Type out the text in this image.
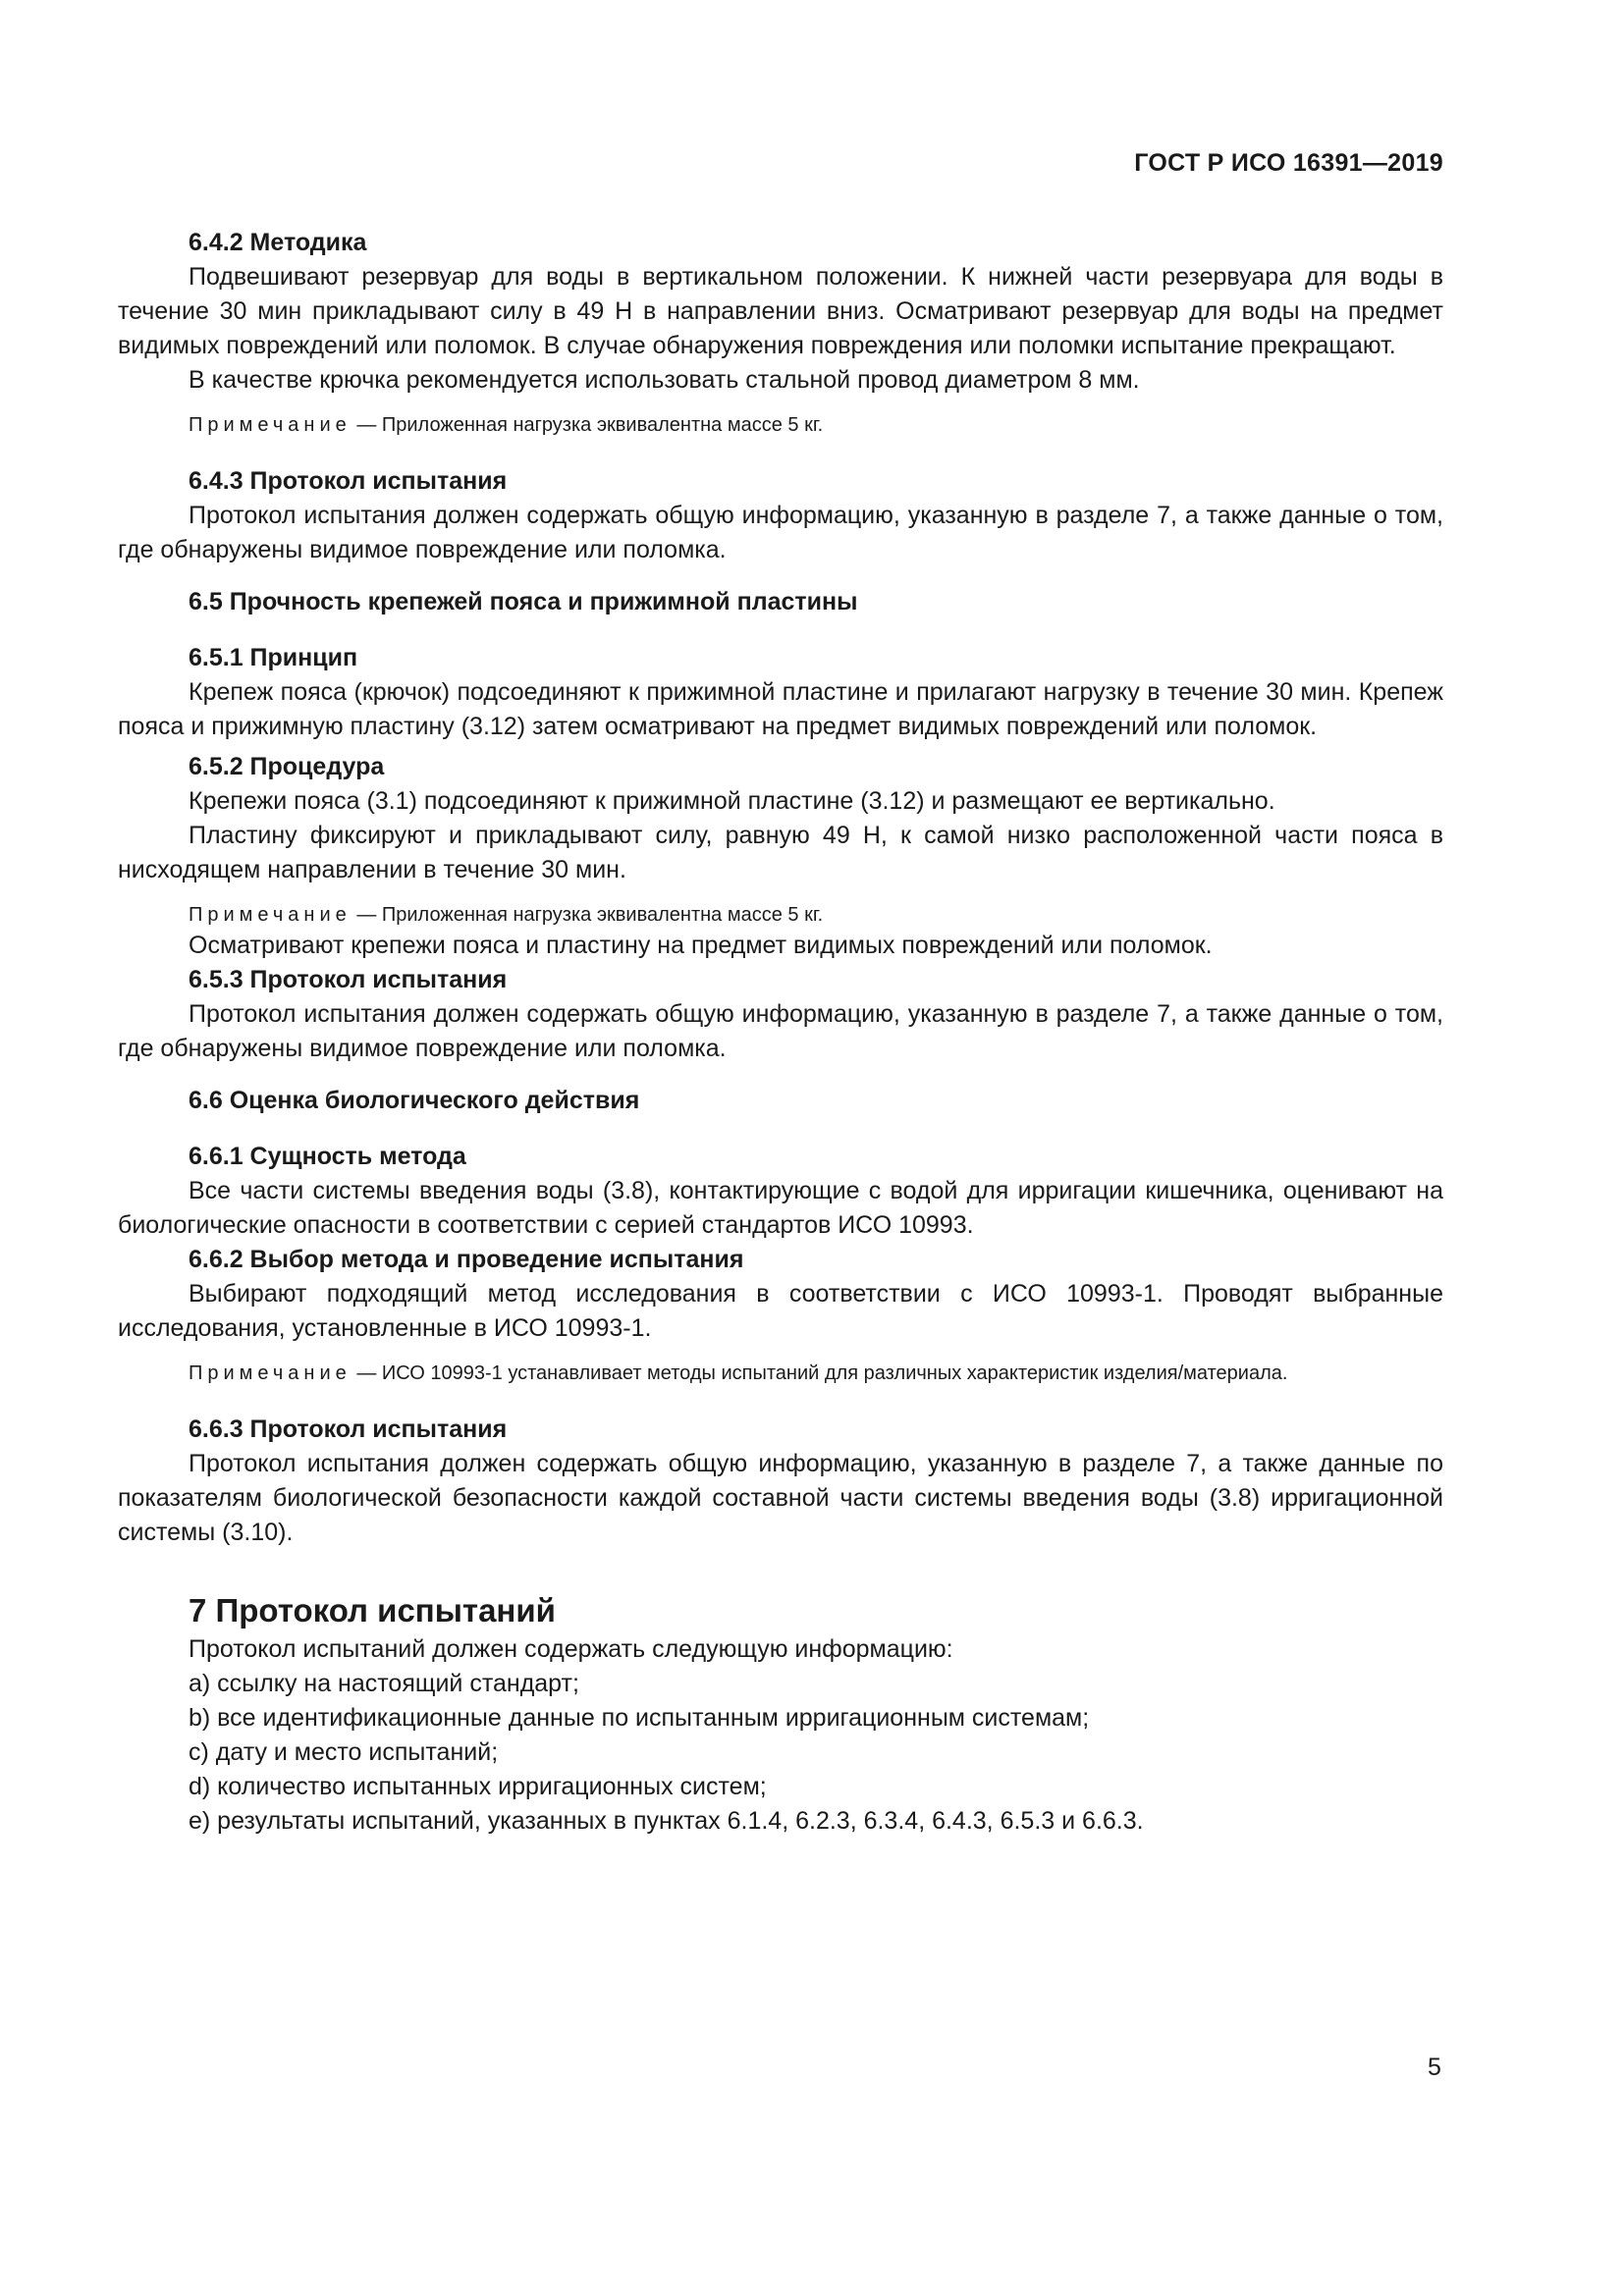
ГОСТ Р ИСО 16391—2019
6.4.2 Методика

Подвешивают резервуар для воды в вертикальном положении. К нижней части резервуара для воды в течение 30 мин прикладывают силу в 49 Н в направлении вниз. Осматривают резервуар для воды на предмет видимых повреждений или поломок. В случае обнаружения повреждения или поломки испытание прекращают.

В качестве крючка рекомендуется использовать стальной провод диаметром 8 мм.

Примечание — Приложенная нагрузка эквивалентна массе 5 кг.

6.4.3 Протокол испытания

Протокол испытания должен содержать общую информацию, указанную в разделе 7, а также данные о том, где обнаружены видимое повреждение или поломка.

6.5 Прочность крепежей пояса и прижимной пластины
6.5.1 Принцип

Крепеж пояса (крючок) подсоединяют к прижимной пластине и прилагают нагрузку в течение 30 мин. Крепеж пояса и прижимную пластину (3.12) затем осматривают на предмет видимых повреждений или поломок.

6.5.2 Процедура

Крепежи пояса (3.1) подсоединяют к прижимной пластине (3.12) и размещают ее вертикально.

Пластину фиксируют и прикладывают силу, равную 49 Н, к самой низко расположенной части пояса в нисходящем направлении в течение 30 мин.

Примечание — Приложенная нагрузка эквивалентна массе 5 кг.

Осматривают крепежи пояса и пластину на предмет видимых повреждений или поломок.

6.5.3 Протокол испытания

Протокол испытания должен содержать общую информацию, указанную в разделе 7, а также данные о том, где обнаружены видимое повреждение или поломка.

6.6 Оценка биологического действия
6.6.1 Сущность метода

Все части системы введения воды (3.8), контактирующие с водой для ирригации кишечника, оценивают на биологические опасности в соответствии с серией стандартов ИСО 10993.

6.6.2 Выбор метода и проведение испытания

Выбирают подходящий метод исследования в соответствии с ИСО 10993-1. Проводят выбранные исследования, установленные в ИСО 10993-1.

Примечание — ИСО 10993-1 устанавливает методы испытаний для различных характеристик изделия/материала.

6.6.3 Протокол испытания

Протокол испытания должен содержать общую информацию, указанную в разделе 7, а также данные по показателям биологической безопасности каждой составной части системы введения воды (3.8) ирригационной системы (3.10).

7 Протокол испытаний

Протокол испытаний должен содержать следующую информацию:

a) ссылку на настоящий стандарт;

b) все идентификационные данные по испытанным ирригационным системам;

c) дату и место испытаний;

d) количество испытанных ирригационных систем;

e) результаты испытаний, указанных в пунктах 6.1.4, 6.2.3, 6.3.4, 6.4.3, 6.5.3 и 6.6.3.

5
